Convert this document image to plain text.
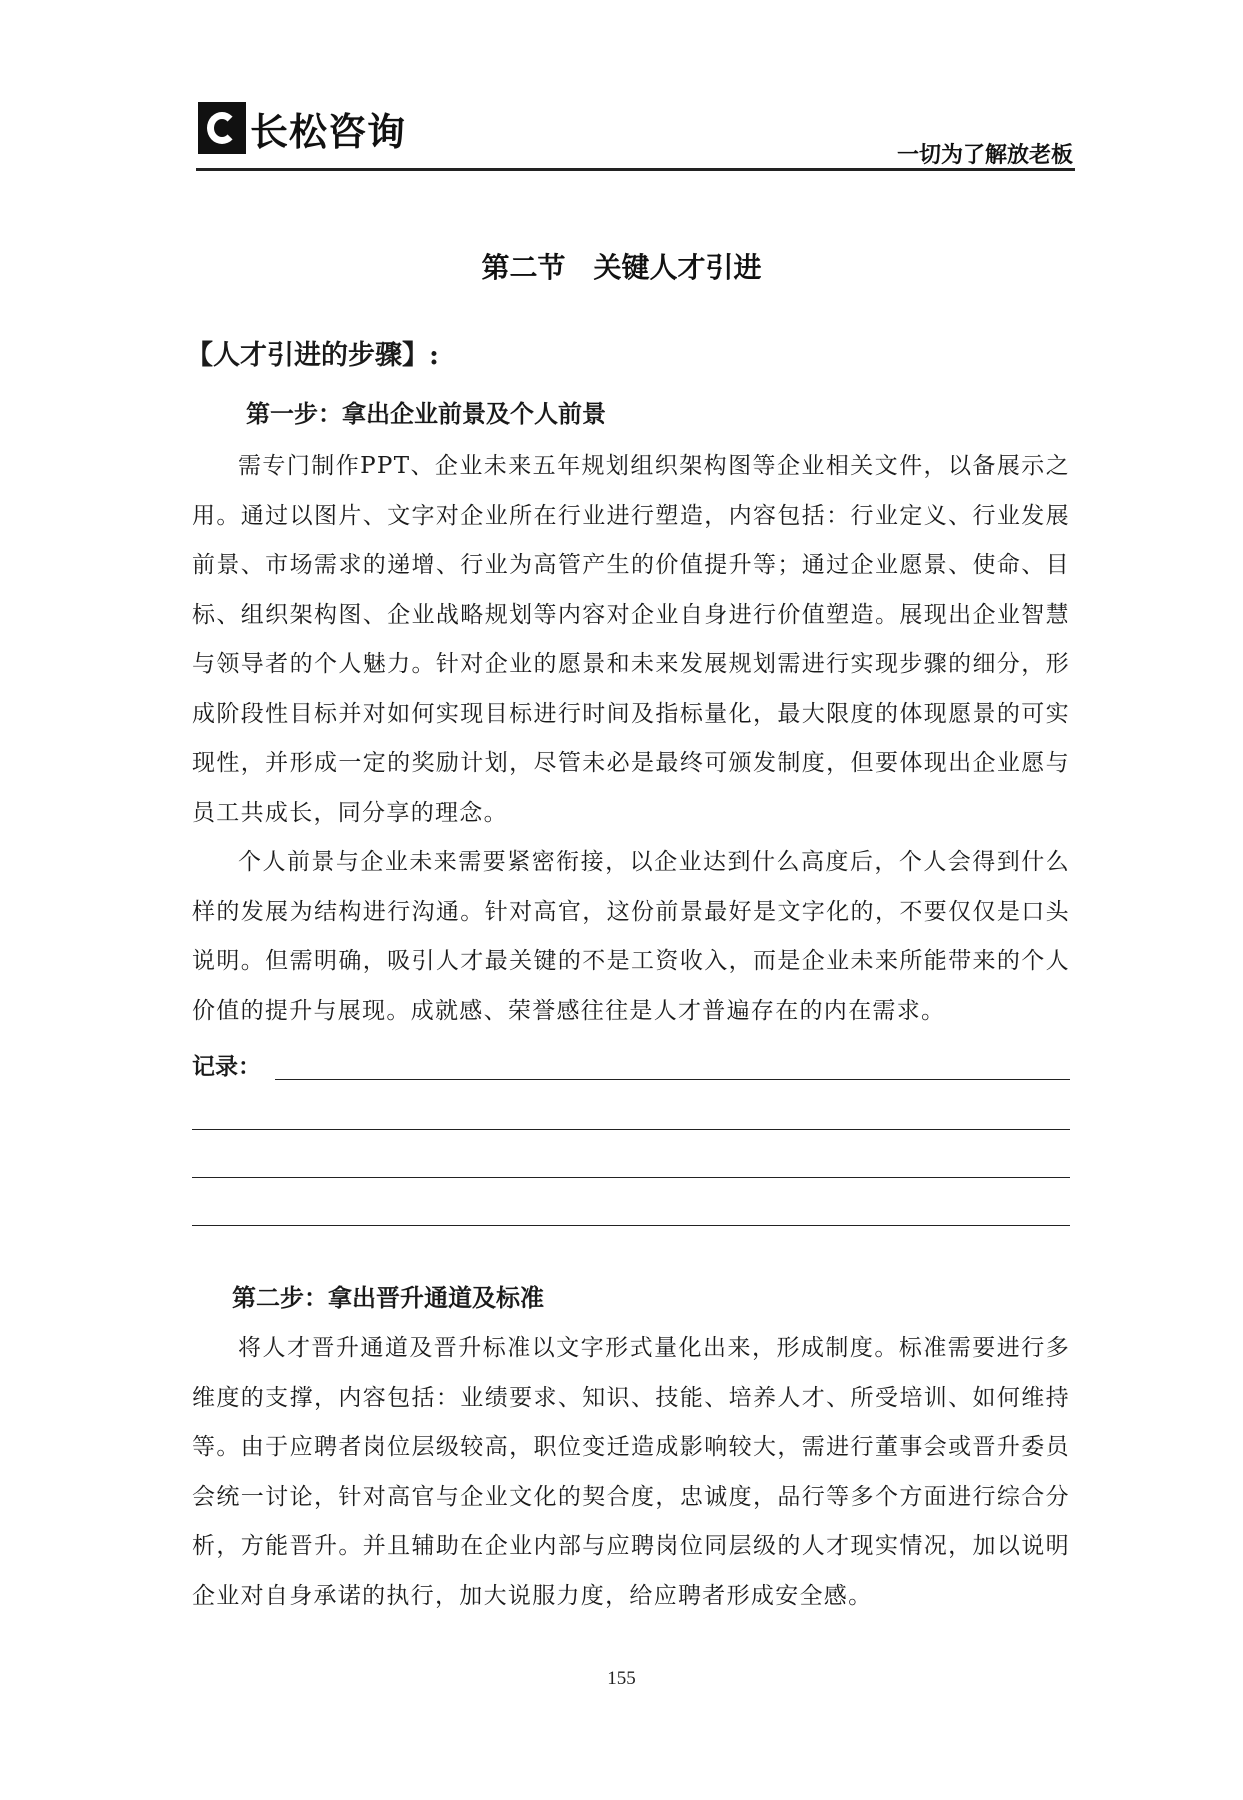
长松咨询
一切为了解放老板
第二节　关键人才引进
【人才引进的步骤】:
第一步：拿出企业前景及个人前景

需专门制作PPT、企业未来五年规划组织架构图等企业相关文件，以备展示之用。通过以图片、文字对企业所在行业进行塑造，内容包括：行业定义、行业发展前景、市场需求的递增、行业为高管产生的价值提升等；通过企业愿景、使命、目标、组织架构图、企业战略规划等内容对企业自身进行价值塑造。展现出企业智慧与领导者的个人魅力。针对企业的愿景和未来发展规划需进行实现步骤的细分，形成阶段性目标并对如何实现目标进行时间及指标量化，最大限度的体现愿景的可实现性，并形成一定的奖励计划，尽管未必是最终可颁发制度，但要体现出企业愿与员工共成长，同分享的理念。

个人前景与企业未来需要紧密衔接，以企业达到什么高度后，个人会得到什么样的发展为结构进行沟通。针对高官，这份前景最好是文字化的，不要仅仅是口头说明。但需明确，吸引人才最关键的不是工资收入，而是企业未来所能带来的个人价值的提升与展现。成就感、荣誉感往往是人才普遍存在的内在需求。

记录：
第二步：拿出晋升通道及标准

将人才晋升通道及晋升标准以文字形式量化出来，形成制度。标准需要进行多维度的支撑，内容包括：业绩要求、知识、技能、培养人才、所受培训、如何维持等。由于应聘者岗位层级较高，职位变迁造成影响较大，需进行董事会或晋升委员会统一讨论，针对高官与企业文化的契合度，忠诚度，品行等多个方面进行综合分析，方能晋升。并且辅助在企业内部与应聘岗位同层级的人才现实情况，加以说明企业对自身承诺的执行，加大说服力度，给应聘者形成安全感。

155
